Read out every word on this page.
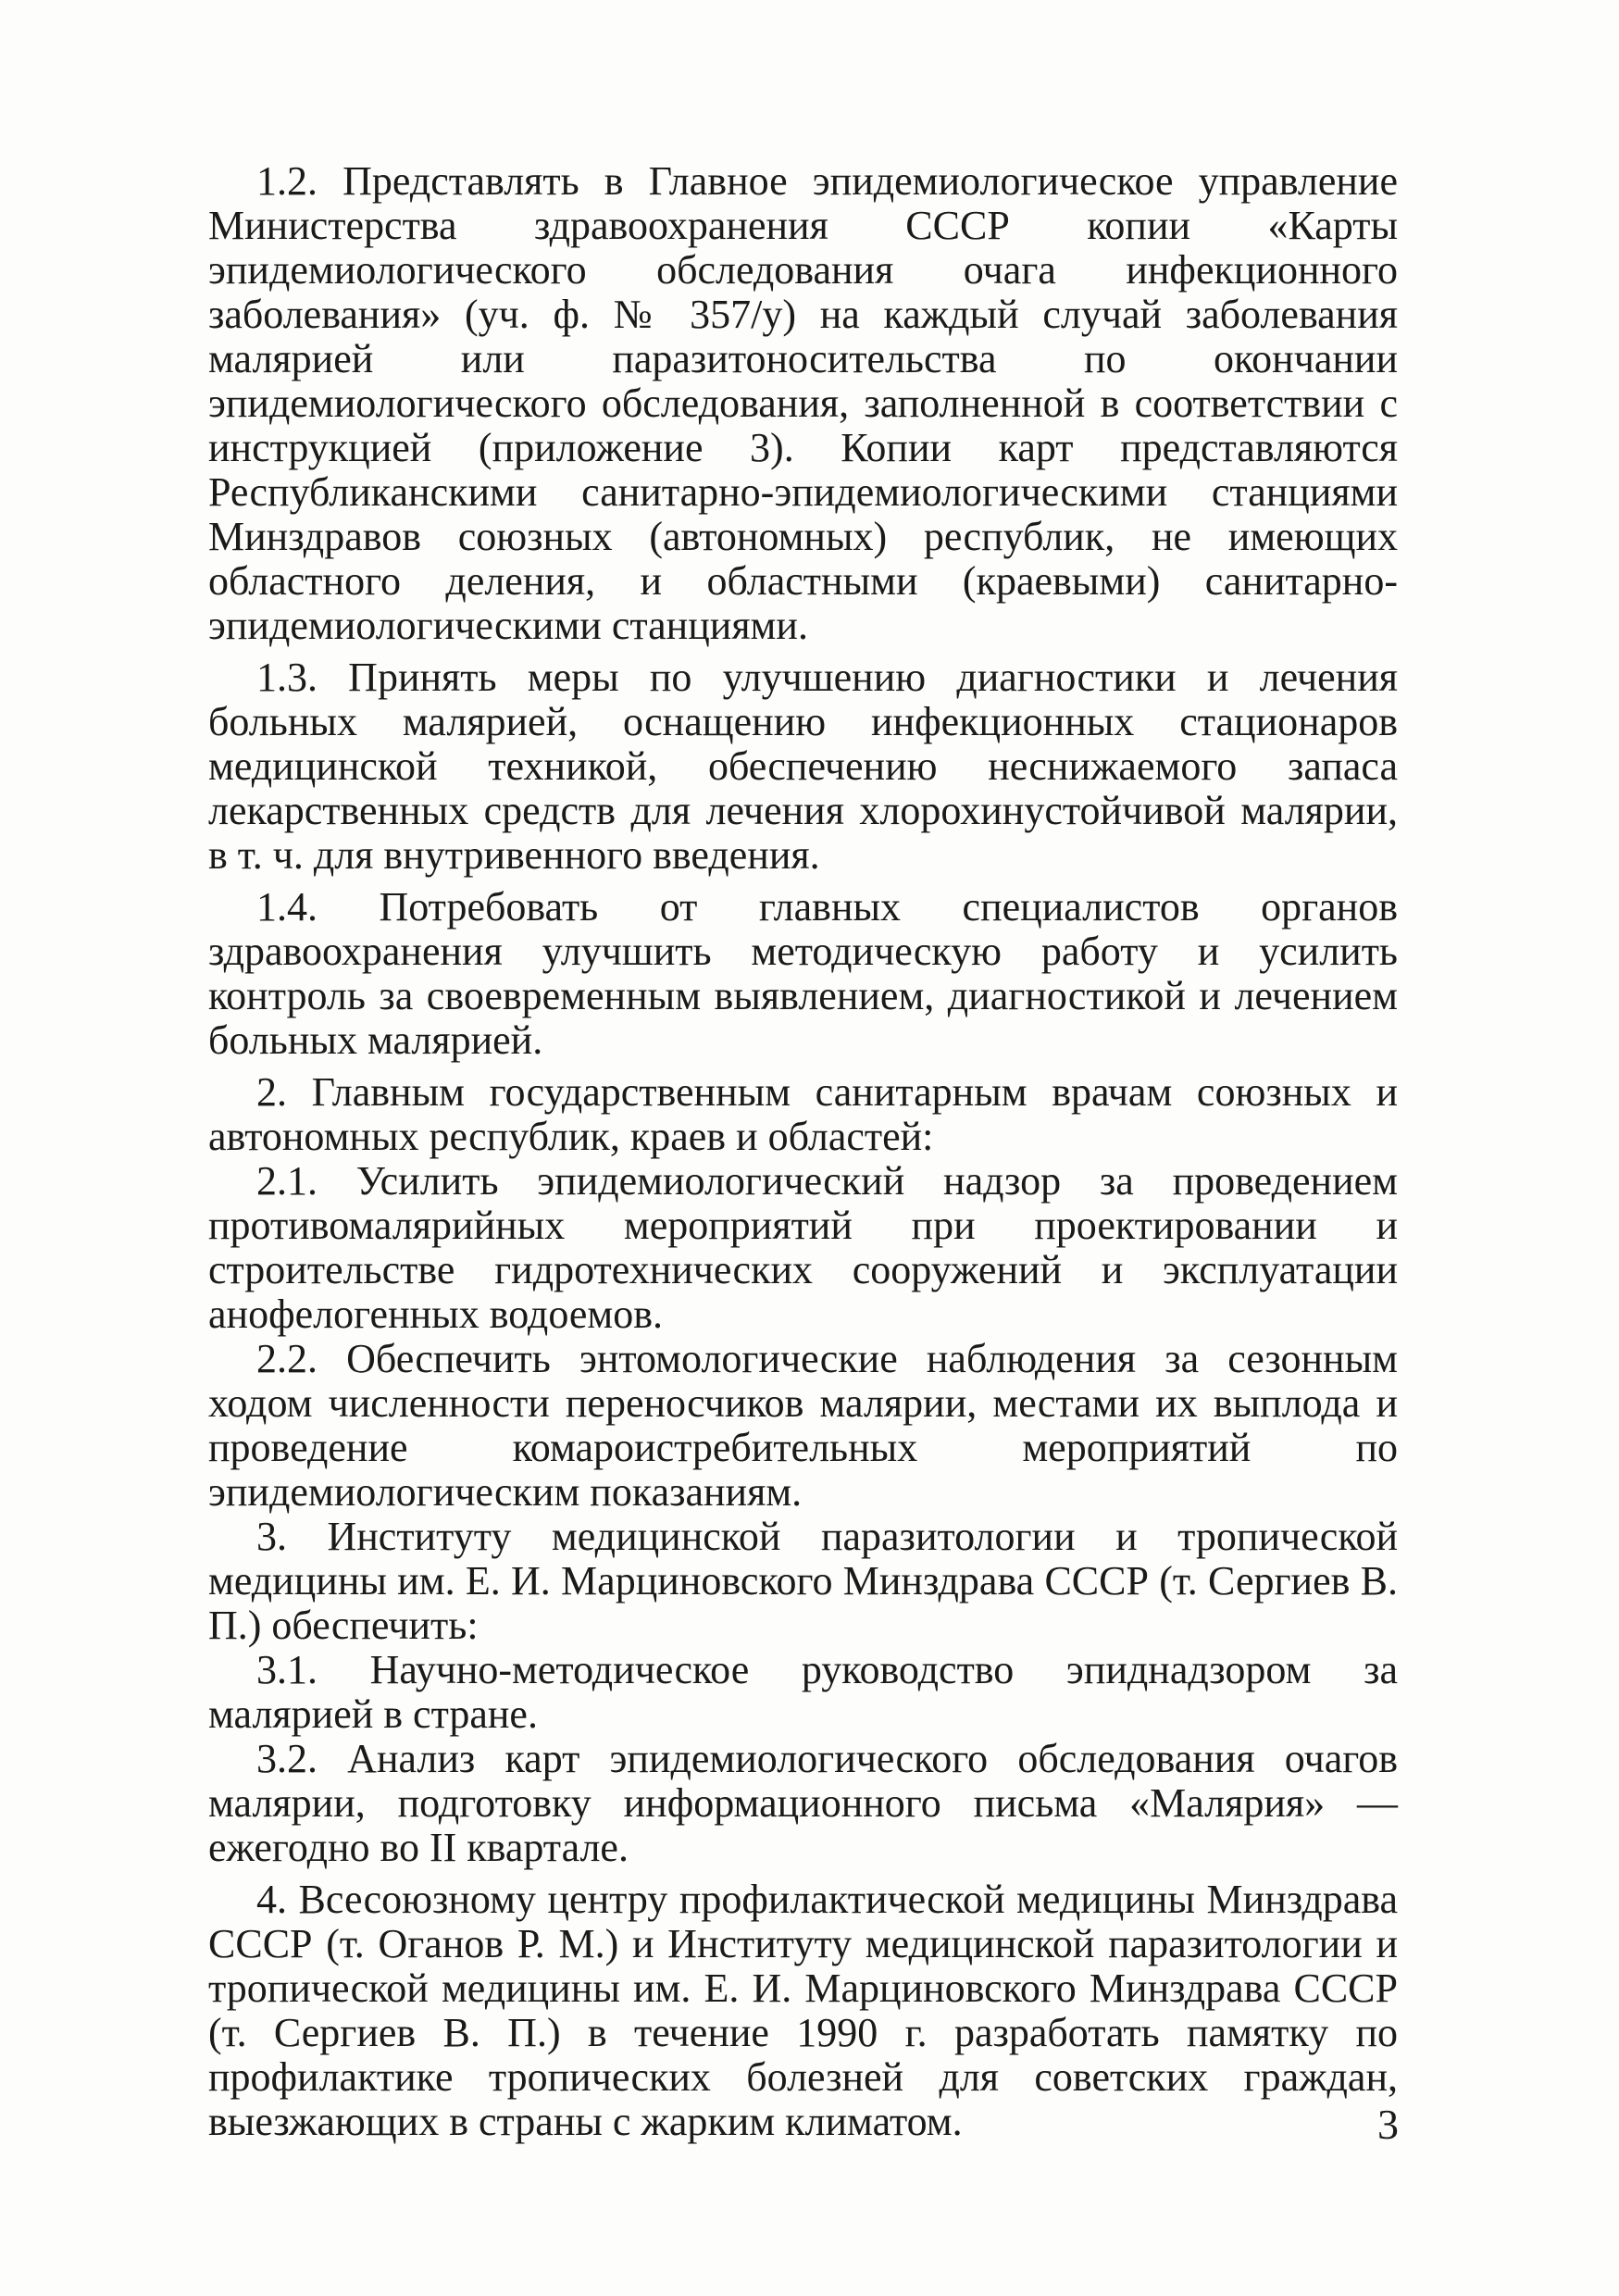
1.2. Представлять в Главное эпидемиологическое управление Министерства здравоохранения СССР копии «Карты эпидемиологического обследования очага инфекционного заболевания» (уч. ф. № 357/у) на каждый случай заболевания малярией или паразитоносительства по окончании эпидемиологического обследования, заполненной в соответствии с инструкцией (приложение 3). Копии карт представляются Республиканскими санитарно-эпидемиологическими станциями Минздравов союзных (автономных) республик, не имеющих областного деления, и областными (краевыми) санитарно-эпидемиологическими станциями.

1.3. Принять меры по улучшению диагностики и лечения больных малярией, оснащению инфекционных стационаров медицинской техникой, обеспечению неснижаемого запаса лекарственных средств для лечения хлорохинустойчивой малярии, в т. ч. для внутривенного введения.

1.4. Потребовать от главных специалистов органов здравоохранения улучшить методическую работу и усилить контроль за своевременным выявлением, диагностикой и лечением больных малярией.

2. Главным государственным санитарным врачам союзных и автономных республик, краев и областей:

2.1. Усилить эпидемиологический надзор за проведением противомалярийных мероприятий при проектировании и строительстве гидротехнических сооружений и эксплуатации анофелогенных водоемов.

2.2. Обеспечить энтомологические наблюдения за сезонным ходом численности переносчиков малярии, местами их выплода и проведение комароистребительных мероприятий по эпидемиологическим показаниям.

3. Институту медицинской паразитологии и тропической медицины им. Е. И. Марциновского Минздрава СССР (т. Сергиев В. П.) обеспечить:

3.1. Научно-методическое руководство эпиднадзором за малярией в стране.

3.2. Анализ карт эпидемиологического обследования очагов малярии, подготовку информационного письма «Малярия» — ежегодно во II квартале.

4. Всесоюзному центру профилактической медицины Минздрава СССР (т. Оганов Р. М.) и Институту медицинской паразитологии и тропической медицины им. Е. И. Марциновского Минздрава СССР (т. Сергиев В. П.) в течение 1990 г. разработать памятку по профилактике тропических болезней для советских граждан, выезжающих в страны с жарким климатом.	3
